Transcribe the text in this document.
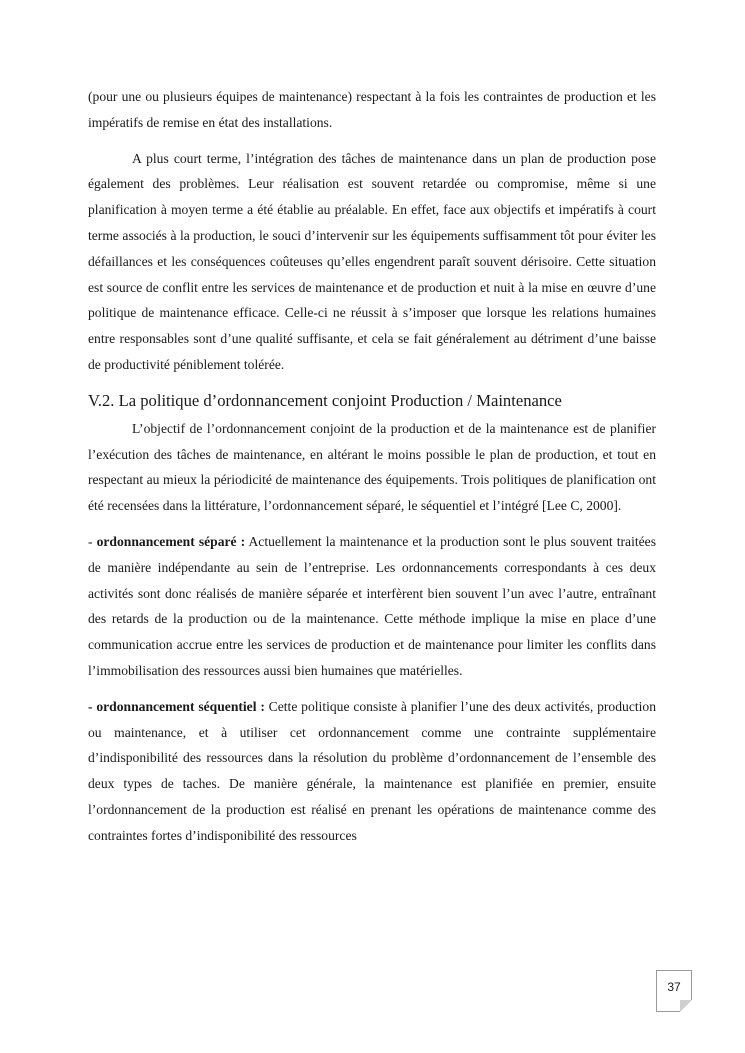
(pour une ou plusieurs équipes de maintenance) respectant à la fois les contraintes de production et les impératifs de remise en état des installations.

A plus court terme, l’intégration des tâches de maintenance dans un plan de production pose également des problèmes. Leur réalisation est souvent retardée ou compromise, même si une planification à moyen terme a été établie au préalable. En effet, face aux objectifs et impératifs à court terme associés à la production, le souci d’intervenir sur les équipements suffisamment tôt pour éviter les défaillances et les conséquences coûteuses qu’elles engendrent paraît souvent dérisoire. Cette situation est source de conflit entre les services de maintenance et de production et nuit à la mise en œuvre d’une politique de maintenance efficace. Celle-ci ne réussit à s’imposer que lorsque les relations humaines entre responsables sont d’une qualité suffisante, et cela se fait généralement au détriment d’une baisse de productivité péniblement tolérée.

V.2. La politique d’ordonnancement conjoint Production / Maintenance

L’objectif de l’ordonnancement conjoint de la production et de la maintenance est de planifier l’exécution des tâches de maintenance, en altérant le moins possible le plan de production, et tout en respectant au mieux la périodicité de maintenance des équipements. Trois politiques de planification ont été recensées dans la littérature, l’ordonnancement séparé, le séquentiel et l’intégré [Lee C, 2000].

- ordonnancement séparé : Actuellement la maintenance et la production sont le plus souvent traitées de manière indépendante au sein de l’entreprise. Les ordonnancements correspondants à ces deux activités sont donc réalisés de manière séparée et interfèrent bien souvent l’un avec l’autre, entraînant des retards de la production ou de la maintenance. Cette méthode implique la mise en place d’une communication accrue entre les services de production et de maintenance pour limiter les conflits dans l’immobilisation des ressources aussi bien humaines que matérielles.

- ordonnancement séquentiel : Cette politique consiste à planifier l’une des deux activités, production ou maintenance, et à utiliser cet ordonnancement comme une contrainte supplémentaire d’indisponibilité des ressources dans la résolution du problème d’ordonnancement de l’ensemble des deux types de taches. De manière générale, la maintenance est planifiée en premier, ensuite l’ordonnancement de la production est réalisé en prenant les opérations de maintenance comme des contraintes fortes d’indisponibilité des ressources

37
